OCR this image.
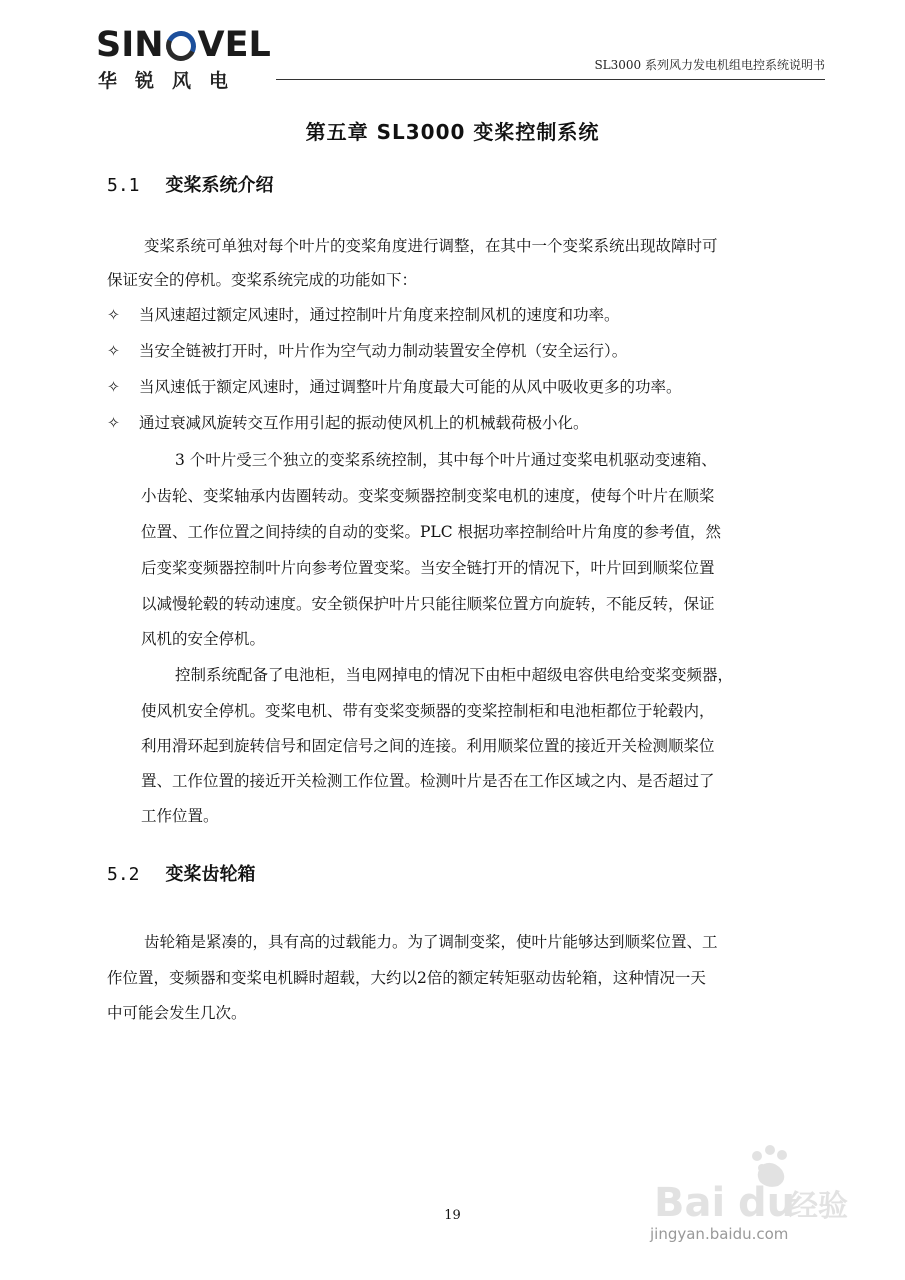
SIN VEL
华锐风电
SL3000 系列风力发电机组电控系统说明书
第五章 SL3000 变桨控制系统
5.1 变桨系统介绍
变桨系统可单独对每个叶片的变桨角度进行调整，在其中一个变桨系统出现故障时可
保证安全的停机。变桨系统完成的功能如下：
✧	当风速超过额定风速时，通过控制叶片角度来控制风机的速度和功率。
✧	当安全链被打开时，叶片作为空气动力制动装置安全停机（安全运行）。
✧	当风速低于额定风速时，通过调整叶片角度最大可能的从风中吸收更多的功率。
✧	通过衰减风旋转交互作用引起的振动使风机上的机械载荷极小化。
3 个叶片受三个独立的变桨系统控制，其中每个叶片通过变桨电机驱动变速箱、
小齿轮、变桨轴承内齿圈转动。变桨变频器控制变桨电机的速度，使每个叶片在顺桨
位置、工作位置之间持续的自动的变桨。PLC 根据功率控制给叶片角度的参考值，然
后变桨变频器控制叶片向参考位置变桨。当安全链打开的情况下，叶片回到顺桨位置
以减慢轮毂的转动速度。安全锁保护叶片只能往顺桨位置方向旋转，不能反转，保证
风机的安全停机。
控制系统配备了电池柜，当电网掉电的情况下由柜中超级电容供电给变桨变频器，
使风机安全停机。变桨电机、带有变桨变频器的变桨控制柜和电池柜都位于轮毂内，
利用滑环起到旋转信号和固定信号之间的连接。利用顺桨位置的接近开关检测顺桨位
置、工作位置的接近开关检测工作位置。检测叶片是否在工作区域之内、是否超过了
工作位置。
5.2 变桨齿轮箱
齿轮箱是紧凑的，具有高的过载能力。为了调制变桨，使叶片能够达到顺桨位置、工
作位置，变频器和变桨电机瞬时超载，大约以2倍的额定转矩驱动齿轮箱，这种情况一天
中可能会发生几次。
19	Bai du
经验
jingyan.baidu.com
